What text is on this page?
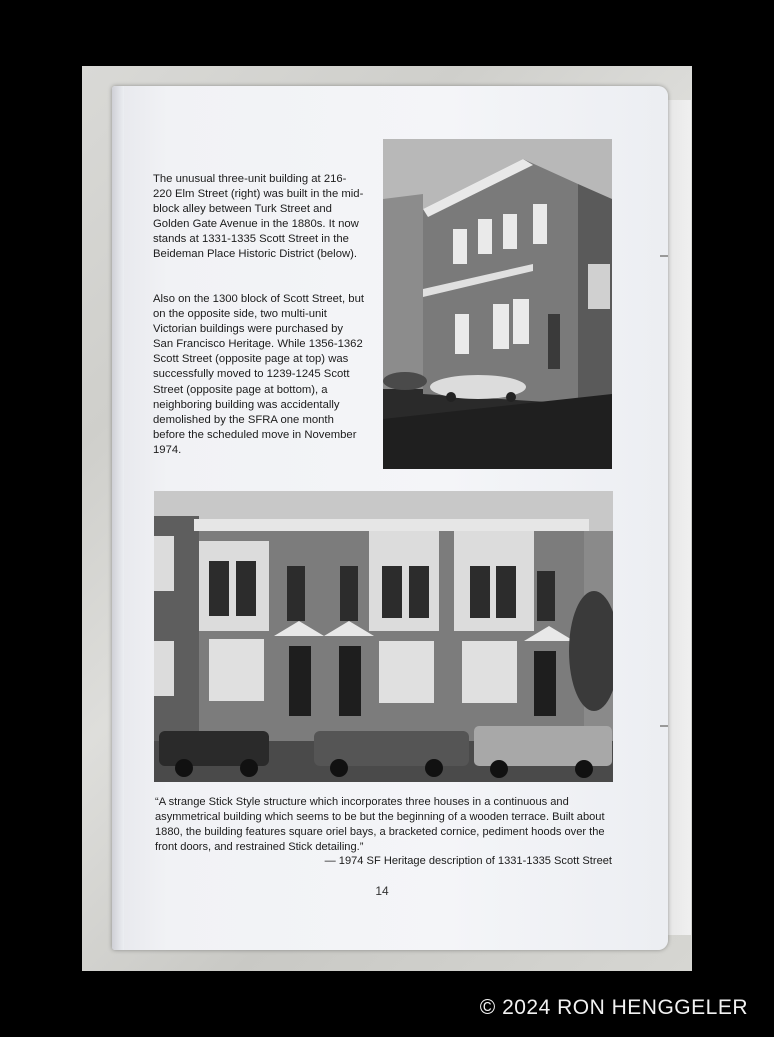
The unusual three-unit building at 216-220 Elm Street (right) was built in the mid-block alley between Turk Street and Golden Gate Avenue in the 1880s. It now stands at 1331-1335 Scott Street in the Beideman Place Historic District (below).

Also on the 1300 block of Scott Street, but on the opposite side, two multi-unit Victorian buildings were purchased by San Francisco Heritage. While 1356-1362 Scott Street (opposite page at top) was successfully moved to 1239-1245 Scott Street (opposite page at bottom), a neighboring building was accidentally demolished by the SFRA one month before the scheduled move in November 1974.

“A strange Stick Style structure which incorporates three houses in a continuous and asymmetrical building which seems to be but the beginning of a wooden terrace. Built about 1880, the building features square oriel bays, a bracketed cornice, pediment hoods over the front doors, and restrained Stick detailing.”

— 1974 SF Heritage description of 1331-1335 Scott Street
14
© 2024 RON HENGGELER
